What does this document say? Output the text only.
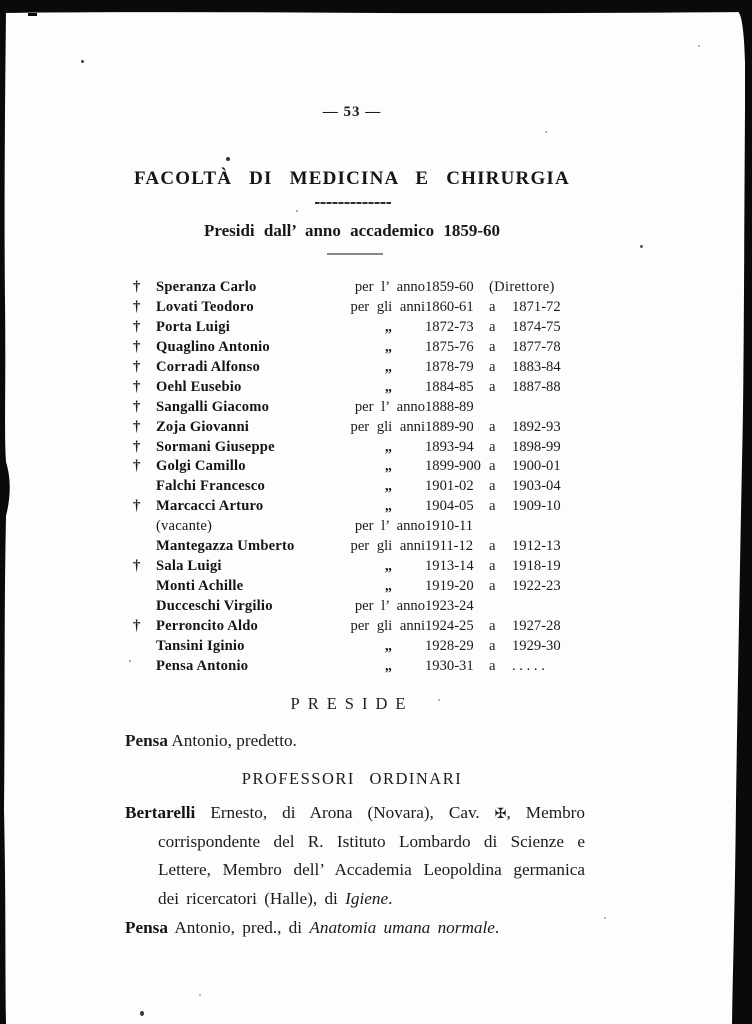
— 53 —
FACOLTÀ DI MEDICINA E CHIRURGIA
Presidi dall’ anno accademico 1859-60
†	Speranza Carlo	per l’ anno 1859-60	(Direttore)
†	Lovati Teodoro	per gli anni 1860-61	a	1871-72
†	Porta Luigi	„	1872-73	a	1874-75
†	Quaglino Antonio	„	1875-76	a	1877-78
†	Corradi Alfonso	„	1878-79	a	1883-84
†	Oehl Eusebio	„	1884-85	a	1887-88
†	Sangalli Giacomo	per l’ anno 1888-89
†	Zoja Giovanni	per gli anni 1889-90	a	1892-93
†	Sormani Giuseppe	„	1893-94	a	1898-99
†	Golgi Camillo	„	1899-900 a	1900-01
Falchi Francesco	„	1901-02	a	1903-04
†	Marcacci Arturo	„	1904-05	a	1909-10
(vacante)	per l’ anno 1910-11
Mantegazza Umberto	per gli anni 1911-12	a	1912-13
†	Sala Luigi	„	1913-14	a	1918-19
Monti Achille	„	1919-20	a	1922-23
Ducceschi Virgilio	per l’ anno 1923-24
†	Perroncito Aldo	per gli anni 1924-25	a	1927-28
Tansini Iginio	„	1928-29	a	1929-30
Pensa Antonio	„	1930-31	a	. . . . .
PRESIDE
Pensa Antonio, predetto.
PROFESSORI ORDINARI

Bertarelli Ernesto, di Arona (Novara), Cav. ✠, Membro corrispondente del R. Istituto Lombardo di Scienze e Lettere, Membro dell’ Accademia Leopoldina germanica dei ricercatori (Halle), di Igiene.

Pensa Antonio, pred., di Anatomia umana normale.
